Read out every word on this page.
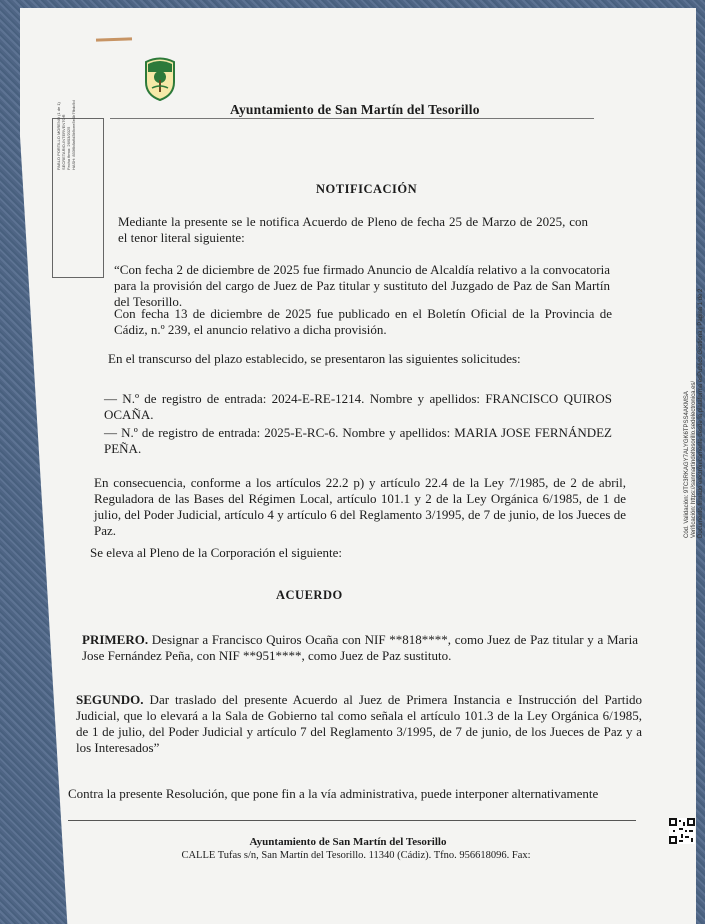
Ayuntamiento de San Martín del Tesorillo
PABLO PORTILLO MORENO (1 de 1) SECRETARIO-INTERVENTOR Fecha firma: 26/03/2025 HASH: 8336b8a6d3b9cee5e0b7fbdc9d
NOTIFICACIÓN
Mediante la presente se le notifica Acuerdo de Pleno de fecha 25 de Marzo de 2025, con el tenor literal siguiente:
“Con fecha 2 de diciembre de 2025 fue firmado Anuncio de Alcaldía relativo a la convocatoria para la provisión del cargo de Juez de Paz titular y sustituto del Juzgado de Paz de San Martín del Tesorillo.
Con fecha 13 de diciembre de 2025 fue publicado en el Boletín Oficial de la Provincia de Cádiz, n.º 239, el anuncio relativo a dicha provisión.
En el transcurso del plazo establecido, se presentaron las siguientes solicitudes:
— N.º de registro de entrada: 2024-E-RE-1214. Nombre y apellidos: FRANCISCO QUIROS OCAÑA.
— N.º de registro de entrada: 2025-E-RC-6. Nombre y apellidos: MARIA JOSE FERNÁNDEZ PEÑA.
En consecuencia, conforme a los artículos 22.2 p) y artículo 22.4 de la Ley 7/1985, de 2 de abril, Reguladora de las Bases del Régimen Local, artículo 101.1 y 2 de la Ley Orgánica 6/1985, de 1 de julio, del Poder Judicial, artículo 4 y artículo 6 del Reglamento 3/1995, de 7 de junio, de los Jueces de Paz.
Se eleva al Pleno de la Corporación el siguiente:
ACUERDO
PRIMERO. Designar a Francisco Quiros Ocaña con NIF **818****, como Juez de Paz titular y a Maria Jose Fernández Peña, con NIF **951****, como Juez de Paz sustituto.
SEGUNDO. Dar traslado del presente Acuerdo al Juez de Primera Instancia e Instrucción del Partido Judicial, que lo elevará a la Sala de Gobierno tal como señala el artículo 101.3 de la Ley Orgánica 6/1985, de 1 de julio, del Poder Judicial y artículo 7 del Reglamento 3/1995, de 7 de junio, de los Jueces de Paz y a los Interesados”
Contra la presente Resolución, que pone fin a la vía administrativa, puede interponer alternativamente
Ayuntamiento de San Martín del Tesorillo
CALLE Tufas s/n, San Martín del Tesorillo. 11340 (Cádiz). Tfno. 956618096. Fax:
Cód. Validación: 9TC3RKAGY7ALYGK6TPSS4AKMSA Verificación: https://sanmartindeltesorillo.sedelectronica.es/ Documento firmado electrónicamente desde la plataforma esPublico Gestiona | Página 1 de 2
